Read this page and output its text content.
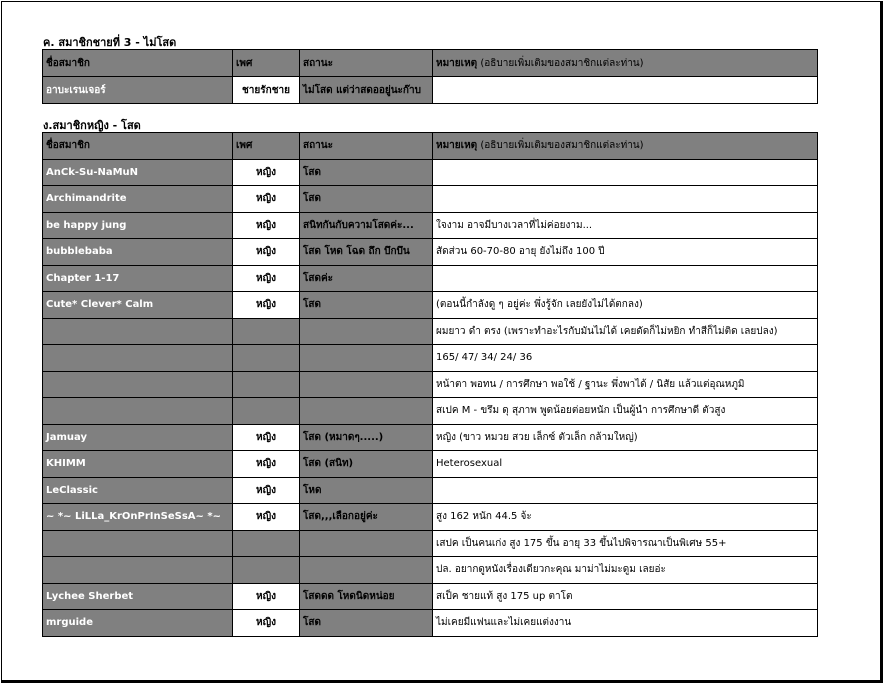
ค. สมาชิกชายที่ 3 - ไม่โสด
ชื่อสมาชิก	เพศ	สถานะ	หมายเหตุ (อธิบายเพิ่มเติมของสมาชิกแต่ละท่าน)
อาบะเรนเจอร์	ชายรักชาย	ไม่โสด แต่ว่าสดออยู่นะก๊าบ	
ง.สมาชิกหญิง - โสด
ชื่อสมาชิก	เพศ	สถานะ	หมายเหตุ (อธิบายเพิ่มเติมของสมาชิกแต่ละท่าน)
AnCk-Su-NaMuN	หญิง	โสด	
Archimandrite	หญิง	โสด	
be happy jung	หญิง	สนิทกันกับความโสดค่ะ...	ใจงาม อาจมีบางเวลาที่ไม่ค่อยงาม...
bubblebaba	หญิง	โสด โหด โฉด ถึก บึกบึน	สัดส่วน 60-70-80 อายุ ยังไม่ถึง 100 ปี
Chapter 1-17	หญิง	โสดค่ะ	
Cute* Clever* Calm	หญิง	โสด	(ตอนนี้กำลังดู ๆ อยู่ค่ะ พึ่งรู้จัก เลยยังไม่ได้ตกลง)
			ผมยาว ดำ ตรง (เพราะทำอะไรกับมันไม่ได้ เคยดัดก็ไม่หยิก ทำสีก็ไม่ติด เลยปลง)
			165/ 47/ 34/ 24/ 36
			หน้าตา พอทน / การศึกษา พอใช้ / ฐานะ พึ่งพาได้ / นิสัย แล้วแต่อุณหภูมิ
			สเปค M - ขรึม ดุ สุภาพ พูดน้อยต่อยหนัก เป็นผู้นำ การศึกษาดี ตัวสูง
Jamuay	หญิง	โสด (หมาดๆ.....)	หญิง (ขาว หมวย สวย เล็กซ์ ตัวเล็ก กล้ามใหญ่)
KHIMM	หญิง	โสด (สนิท)	Heterosexual
LeClassic	หญิง	โหด	
~ *~ LiLLa_KrOnPrInSeSsA~ *~	หญิง	โสด,,,เลือกอยู่ค่ะ	สูง 162 หนัก 44.5 จ้ะ
			เสปค เป็นคนเก่ง สูง 175 ขึ้น อายุ 33 ขึ้นไปพิจารณาเป็นพิเศษ 55+
			ปล. อยากดูหนังเรื่องเดียวกะคุณ มาม่าไม่มะดูม เลยอ่ะ
Lychee Sherbet	หญิง	โสดดด โหดนิดหน่อย	สเป็ค ชายแท้ สูง 175 up ตาโต
mrguide	หญิง	โสด	ไม่เคยมีแฟนและไม่เคยแต่งงาน
